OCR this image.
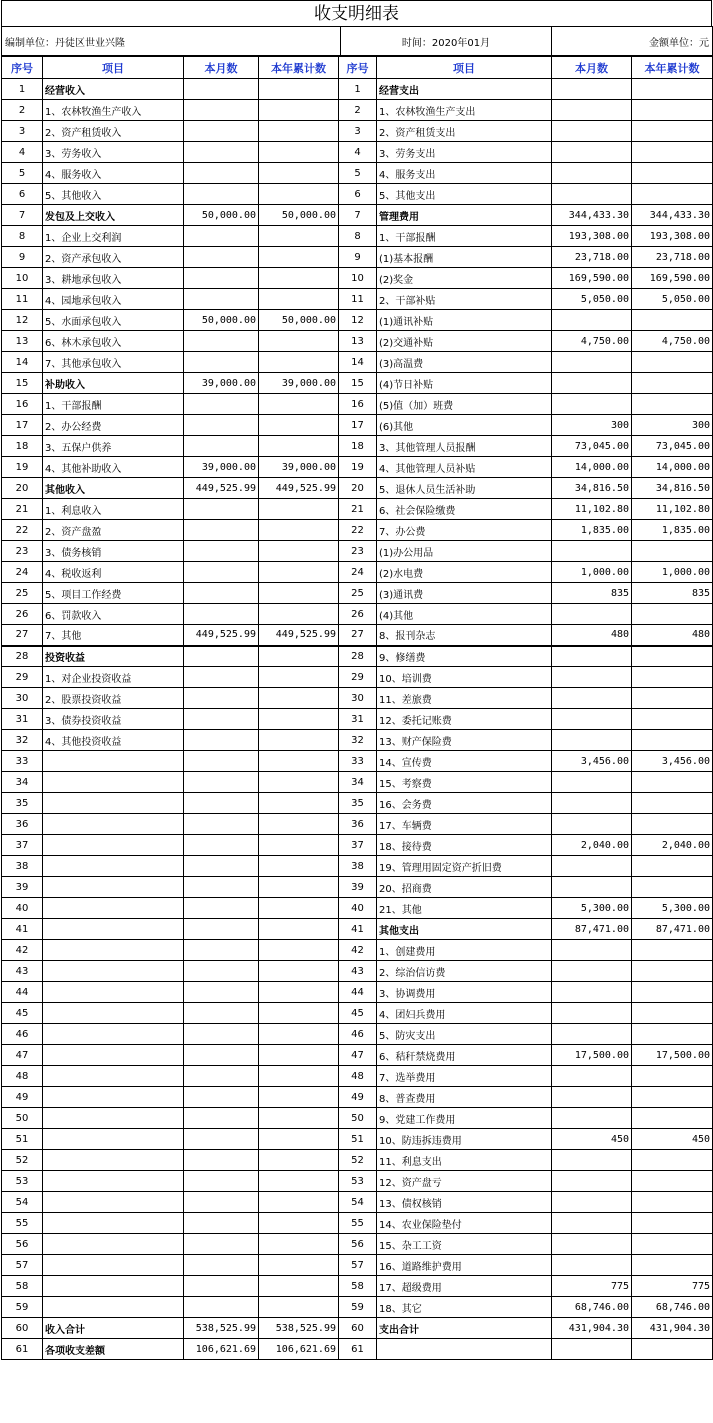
收支明细表
编制单位：丹徒区世业兴隆	时间：2020年01月	金额单位：元
序号	项目	本月数	本年累计数	序号	项目	本月数	本年累计数
1	经营收入			1	经营支出		
2	1、农林牧渔生产收入			2	1、农林牧渔生产支出		
3	2、资产租赁收入			3	2、资产租赁支出		
4	3、劳务收入			4	3、劳务支出		
5	4、服务收入			5	4、服务支出		
6	5、其他收入			6	5、其他支出		
7	发包及上交收入	50,000.00	50,000.00	7	管理费用	344,433.30	344,433.30
8	1、企业上交利润			8	1、干部报酬	193,308.00	193,308.00
9	2、资产承包收入			9	(1)基本报酬	23,718.00	23,718.00
10	3、耕地承包收入			10	(2)奖金	169,590.00	169,590.00
11	4、园地承包收入			11	2、干部补贴	5,050.00	5,050.00
12	5、水面承包收入	50,000.00	50,000.00	12	(1)通讯补贴		
13	6、林木承包收入			13	(2)交通补贴	4,750.00	4,750.00
14	7、其他承包收入			14	(3)高温费		
15	补助收入	39,000.00	39,000.00	15	(4)节日补贴		
16	1、干部报酬			16	(5)值（加）班费		
17	2、办公经费			17	(6)其他	300	300
18	3、五保户供养			18	3、其他管理人员报酬	73,045.00	73,045.00
19	4、其他补助收入	39,000.00	39,000.00	19	4、其他管理人员补贴	14,000.00	14,000.00
20	其他收入	449,525.99	449,525.99	20	5、退休人员生活补助	34,816.50	34,816.50
21	1、利息收入			21	6、社会保险缴费	11,102.80	11,102.80
22	2、资产盘盈			22	7、办公费	1,835.00	1,835.00
23	3、债务核销			23	(1)办公用品		
24	4、税收返利			24	(2)水电费	1,000.00	1,000.00
25	5、项目工作经费			25	(3)通讯费	835	835
26	6、罚款收入			26	(4)其他		
27	7、其他	449,525.99	449,525.99	27	8、报刊杂志	480	480
28	投资收益			28	9、修缮费		
29	1、对企业投资收益			29	10、培训费		
30	2、股票投资收益			30	11、差旅费		
31	3、债券投资收益			31	12、委托记账费		
32	4、其他投资收益			32	13、财产保险费		
33				33	14、宣传费	3,456.00	3,456.00
34				34	15、考察费		
35				35	16、会务费		
36				36	17、车辆费		
37				37	18、接待费	2,040.00	2,040.00
38				38	19、管理用固定资产折旧费		
39				39	20、招商费		
40				40	21、其他	5,300.00	5,300.00
41				41	其他支出	87,471.00	87,471.00
42				42	1、创建费用		
43				43	2、综治信访费		
44				44	3、协调费用		
45				45	4、团妇兵费用		
46				46	5、防灾支出		
47				47	6、秸秆禁烧费用	17,500.00	17,500.00
48				48	7、选举费用		
49				49	8、普查费用		
50				50	9、党建工作费用		
51				51	10、防违拆违费用	450	450
52				52	11、利息支出		
53				53	12、资产盘亏		
54				54	13、债权核销		
55				55	14、农业保险垫付		
56				56	15、杂工工资		
57				57	16、道路维护费用		
58				58	17、超级费用	775	775
59				59	18、其它	68,746.00	68,746.00
60	收入合计	538,525.99	538,525.99	60	支出合计	431,904.30	431,904.30
61	各项收支差额	106,621.69	106,621.69	61			
